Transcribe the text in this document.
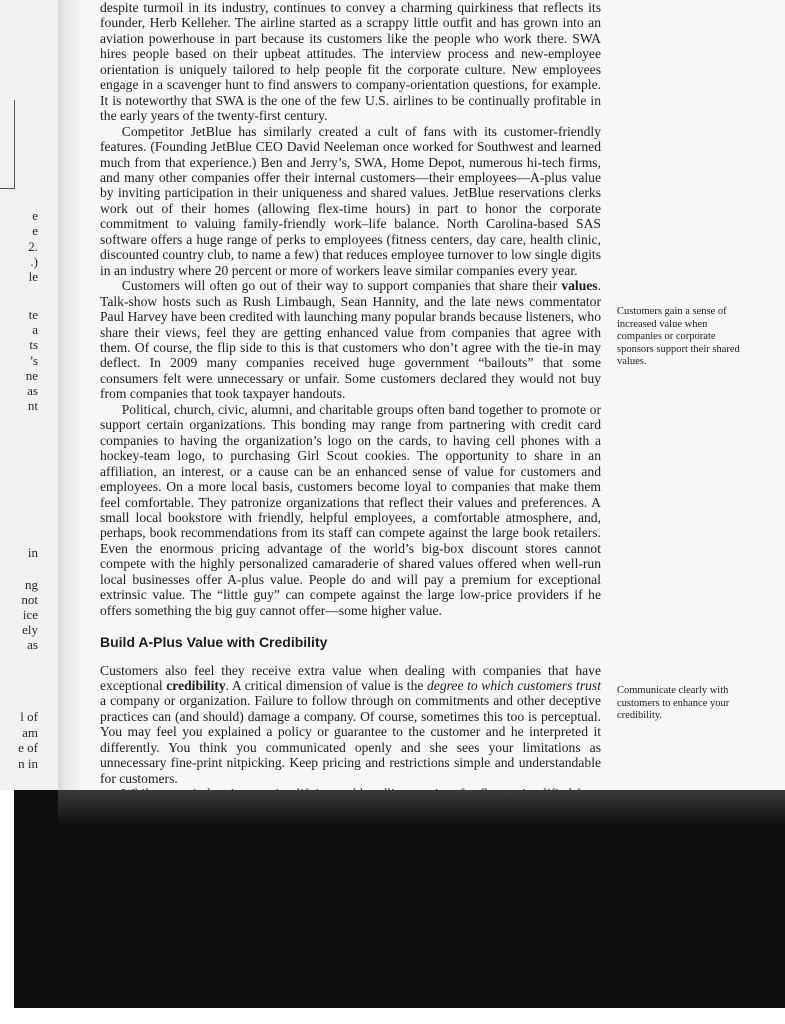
e
e
2.
.)
le
te
a
ts
’s
ne
as
nt
in
ng
not
ice
ely
as
l of
am
e of
n in

despite turmoil in its industry, continues to convey a charming quirkiness that reflects its founder, Herb Kelleher. The airline started as a scrappy little outfit and has grown into an aviation powerhouse in part because its customers like the people who work there. SWA hires people based on their upbeat attitudes. The interview process and new-employee orientation is uniquely tailored to help people fit the corporate culture. New employees engage in a scavenger hunt to find answers to company-orientation questions, for example. It is noteworthy that SWA is the one of the few U.S. airlines to be continually profitable in the early years of the twenty-first century.

Competitor JetBlue has similarly created a cult of fans with its customer-friendly features. (Founding JetBlue CEO David Neeleman once worked for Southwest and learned much from that experience.) Ben and Jerry’s, SWA, Home Depot, numerous hi-tech firms, and many other companies offer their internal customers—their employees—A-plus value by inviting participation in their uniqueness and shared values. JetBlue reservations clerks work out of their homes (allowing flex-time hours) in part to honor the corporate commitment to valuing family-friendly work–life balance. North Carolina-based SAS software offers a huge range of perks to employees (fitness centers, day care, health clinic, discounted country club, to name a few) that reduces employee turnover to low single digits in an industry where 20 percent or more of workers leave similar companies every year.

Customers will often go out of their way to support companies that share their values. Talk-show hosts such as Rush Limbaugh, Sean Hannity, and the late news commentator Paul Harvey have been credited with launching many popular brands because listeners, who share their views, feel they are getting enhanced value from companies that agree with them. Of course, the flip side to this is that customers who don’t agree with the tie-in may deflect. In 2009 many companies received huge government “bailouts” that some consumers felt were unnecessary or unfair. Some customers declared they would not buy from companies that took taxpayer handouts.

Political, church, civic, alumni, and charitable groups often band together to promote or support certain organizations. This bonding may range from partnering with credit card companies to having the organization’s logo on the cards, to having cell phones with a hockey-team logo, to purchasing Girl Scout cookies. The opportunity to share in an affiliation, an interest, or a cause can be an enhanced sense of value for customers and employees. On a more local basis, customers become loyal to companies that make them feel comfortable. They patronize organizations that reflect their values and preferences. A small local bookstore with friendly, helpful employees, a comfortable atmosphere, and, perhaps, book recommendations from its staff can compete against the large book retailers. Even the enormous pricing advantage of the world’s big-box discount stores cannot compete with the highly personalized camaraderie of shared values offered when well-run local businesses offer A-plus value. People do and will pay a premium for exceptional extrinsic value. The “little guy” can compete against the large low-price providers if he offers something the big guy cannot offer—some higher value.

Build A-Plus Value with Credibility

Customers also feel they receive extra value when dealing with companies that have exceptional credibility. A critical dimension of value is the degree to which customers trust a company or organization. Failure to follow through on commitments and other deceptive practices can (and should) damage a company. Of course, sometimes this too is perceptual. You may feel you explained a policy or guarantee to the customer and he interpreted it differently. You think you communicated openly and she sees your limitations as unnecessary fine-print nitpicking. Keep pricing and restrictions simple and understandable for customers.

Customers gain a sense of increased value when companies or corporate sponsors support their shared values.
Communicate clearly with customers to enhance your credibility.
